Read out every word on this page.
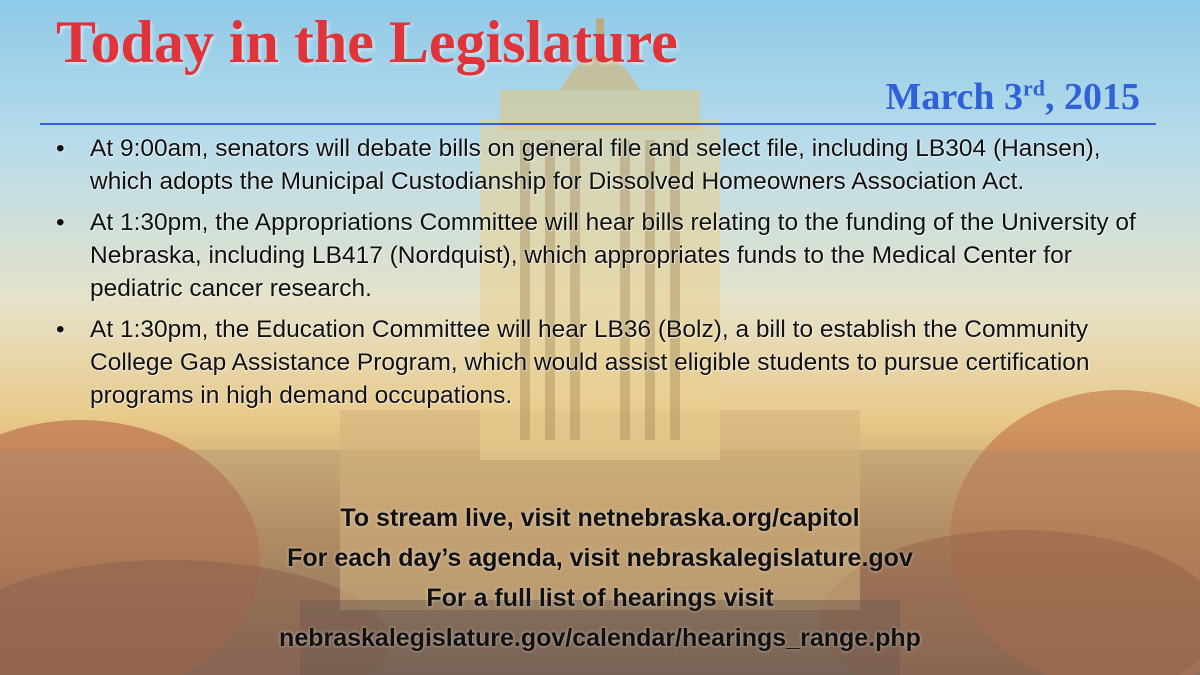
Today in the Legislature
March 3rd, 2015
• At 9:00am, senators will debate bills on general file and select file, including LB304 (Hansen), which adopts the Municipal Custodianship for Dissolved Homeowners Association Act.
• At 1:30pm, the Appropriations Committee will hear bills relating to the funding of the University of Nebraska, including LB417 (Nordquist), which appropriates funds to the Medical Center for pediatric cancer research.
• At 1:30pm, the Education Committee will hear LB36 (Bolz), a bill to establish the Community College Gap Assistance Program, which would assist eligible students to pursue certification programs in high demand occupations.
To stream live, visit netnebraska.org/capitol
For each day’s agenda, visit nebraskalegislature.gov
For a full list of hearings visit
nebraskalegislature.gov/calendar/hearings_range.php
